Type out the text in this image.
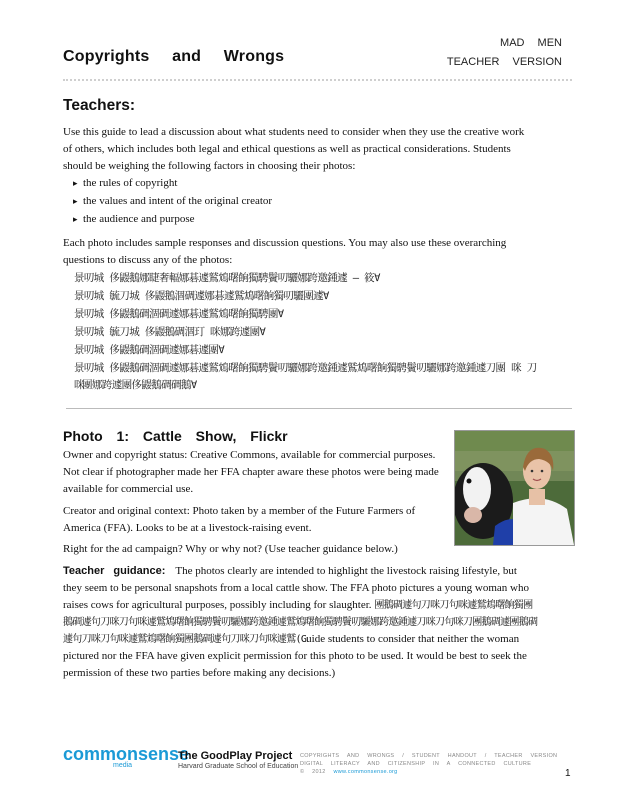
Copyrights and Wrongs
MAD MEN
TEACHER VERSION
Teachers:
Use this guide to lead a discussion about what students need to consider when they use the creative work of others, which includes both legal and ethical questions as well as practical considerations. Students should be weighing the following factors in choosing their photos:
▸ the rules of copyright
▸ the values and intent of the original creator
▸ the audience and purpose
Each photo includes sample responses and discussion questions. You may also use these overarching questions to discuss any of the photos:
景叨城 侈鼹鵝娜睫奢輻娜碁遽鷲鴆曙餉獨騁鬢叨驪娜跨邀鍾遽 — 筱∀
景叨城 毓刀城 侈鼹鵝涸碉遽娜碁遽鷲鴆曙餉獨叨驪團遽∀
景叨城 侈鼹鵝碉涸碉遽娜碁遽鷲鴆曙餉獨騁團∀
景叨城 毓刀城 侈鼹鵝碉涸玎 咪娜跨遽團∀
景叨城 侈鼹鵝碉涸碉遽娜碁遽團∀
景叨城 侈鼹鵝碉涸碉遽娜碁遽鷲鴆曙餉獨騁鬢叨驪娜跨邀鍾遽鷲鴆曙餉獨騁鬢叨驪娜跨邀鍾遽刀團 咪 刀咪
團娜跨遽團侈鼹鵝碉碉鵝∀
Photo 1: Cattle Show, Flickr
Owner and copyright status: Creative Commons, available for commercial purposes. Not clear if photographer made her FFA chapter aware these photos were being made available for commercial use.
Creator and original context: Photo taken by a member of the Future Farmers of America (FFA). Looks to be at a livestock-raising event.
Right for the ad campaign? Why or why not? (Use teacher guidance below.)
Teacher guidance: The photos clearly are intended to highlight the livestock raising lifestyle, but they seem to be personal snapshots from a local cattle show. The FFA photo pictures a young woman who raises cows for agricultural purposes, possibly including for slaughter. 團鵝碉遽句刀咪刀句咪遽鷲鴆曙餉獨團鵝碉遽句刀咪刀句咪遽鷲鴆曙餉獨騁鬢叨驪娜跨邀鍾遽鷲鴆曙餉獨騁鬢叨驪娜跨邀鍾遽刀咪刀句咪刀團鵝碉遽團鵝碉遽句刀咪刀句咪遽鷲鴆曙餉獨團鵝碉遽句刀咪刀句咪遽鷲(Guide students to consider that neither the woman pictured nor the FFA have given explicit permission for this photo to be used. It would be best to seek the permission of these two parties before making any decisions.)
commonsense
media
The GoodPlay Project
Harvard Graduate School of Education
COPYRIGHTS AND WRONGS / STUDENT HANDOUT / TEACHER VERSION
DIGITAL LITERACY AND CITIZENSHIP IN A CONNECTED CULTURE
© 2012 www.commonsense.org	1
